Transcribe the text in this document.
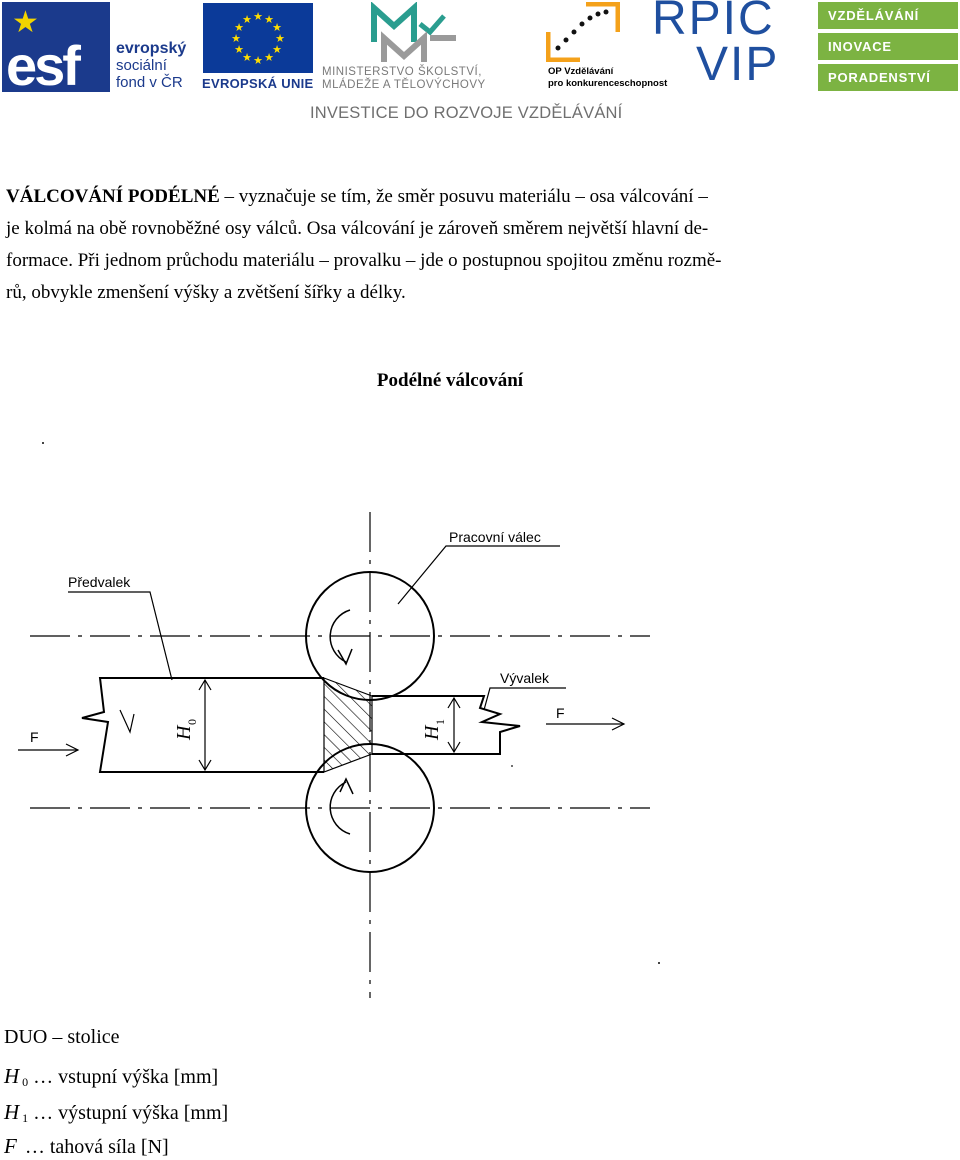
★
esf evropský
sociální
fond v ČR
★ ★
★
★
★
★
★
★
★
★
★
★
EVROPSKÁ UNIE
MINISTERSTVO ŠKOLSTVÍ,
MLÁDEŽE A TĚLOVÝCHOVY
OP Vzdělávání
pro konkurenceschopnost
RPIC
VIP
VZDĚLÁVÁNÍ
INOVACE
PORADENSTVÍ
INVESTICE DO ROZVOJE VZDĚLÁVÁNÍ
VÁLCOVÁNÍ PODÉLNÉ – vyznačuje se tím, že směr posuvu materiálu – osa válcování –
je kolmá na obě rovnoběžné osy válců. Osa válcování je zároveň směrem největší hlavní de-
formace. Při jednom průchodu materiálu – provalku – jde o postupnou spojitou změnu rozmě-
rů, obvykle zmenšení výšky a zvětšení šířky a délky.
Podélné válcování
H
0
H
1
F
F
Předvalek
Pracovní válec
Vývalek
DUO – stolice
H 0 … vstupní výška [mm]
H 1 … výstupní výška [mm]
F … tahová síla [N]
